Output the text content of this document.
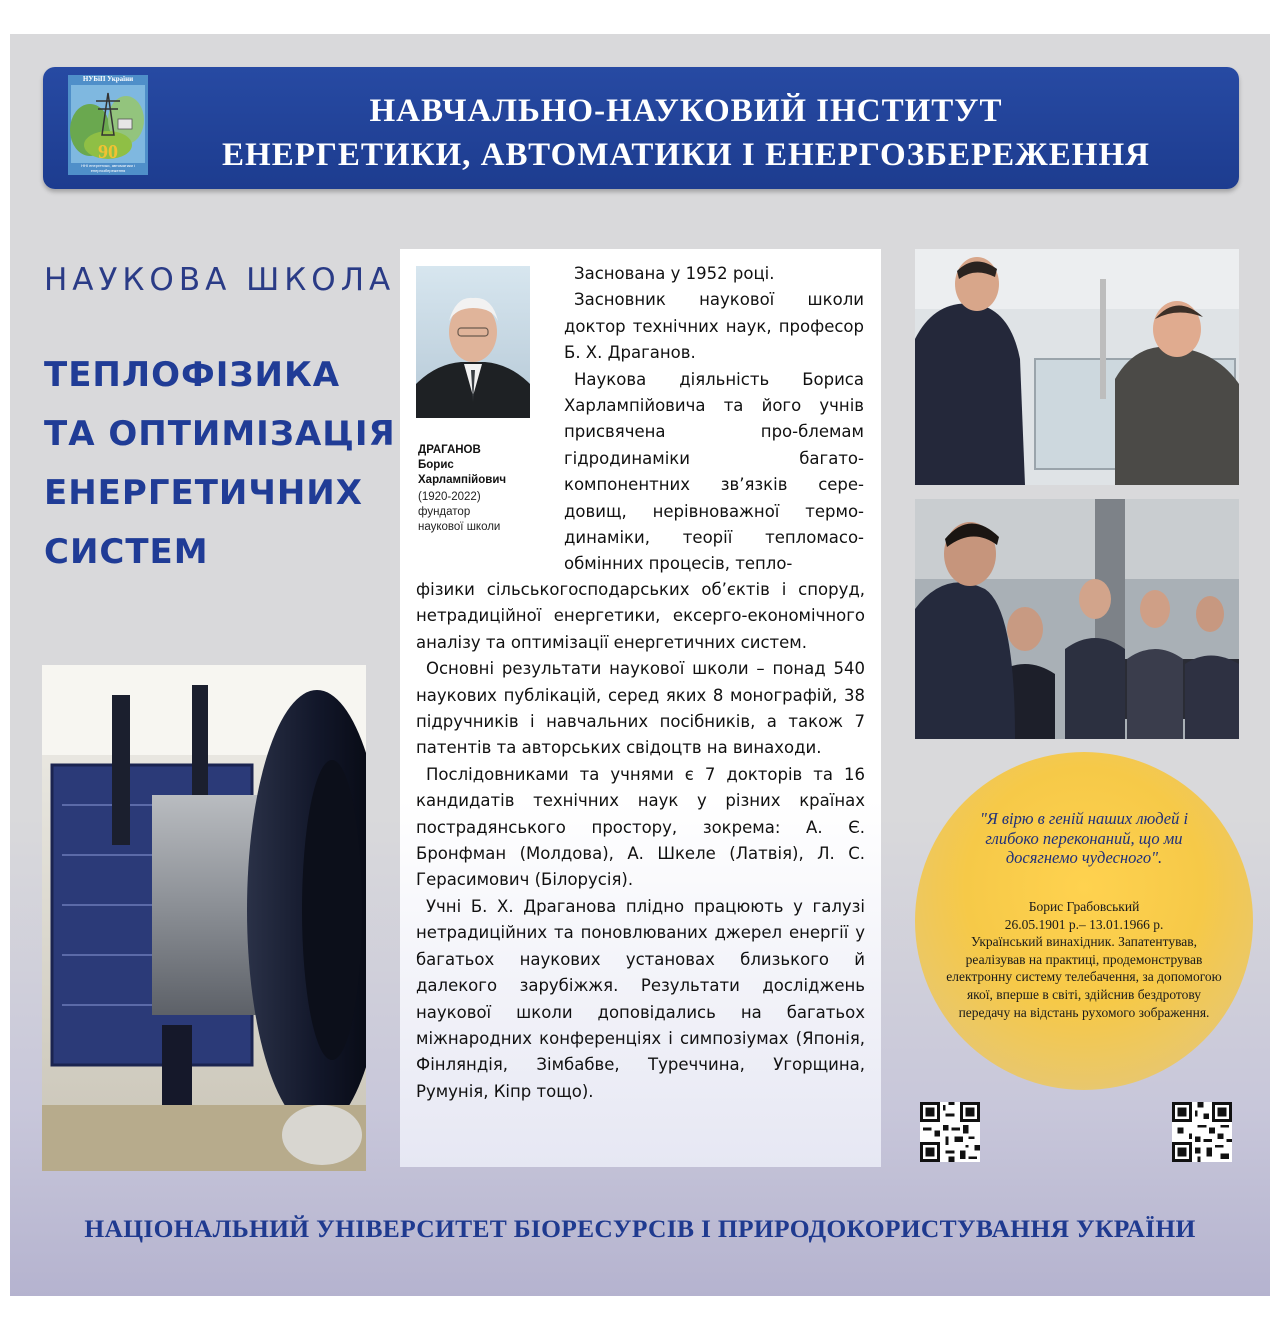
90
НУБіП України
ННІ енергетики, автоматики і енергозбереження
НАВЧАЛЬНО-НАУКОВИЙ ІНСТИТУТ
ЕНЕРГЕТИКИ, АВТОМАТИКИ І ЕНЕРГОЗБЕРЕЖЕННЯ
НАУКОВА ШКОЛА
ТЕПЛОФІЗИКА
ТА ОПТИМІЗАЦІЯ
ЕНЕРГЕТИЧНИХ
СИСТЕМ
ДРАГАНОВ
Борис
Харлампійович
(1920-2022)
фундатор
наукової школи
Заснована у 1952 році.
Засновник наукової школи доктор технічних наук, професор Б. Х. Драганов.
Наукова діяльність Бориса Харлампійовича та його учнів присвячена про-блемам гідродинаміки багато-компонентних зв’язків сере-довищ, нерівноважної термо-динаміки, теорії тепломасо-обмінних процесів, тепло-
фізики сільськогосподарських об’єктів і споруд, нетрадиційної енергетики, ексерго-економічного аналізу та оптимізації енергетичних систем.
Основні результати наукової школи – понад 540 наукових публікацій, серед яких 8 монографій, 38 підручників і навчальних посібників, а також 7 патентів та авторських свідоцтв на винаходи.
Послідовниками та учнями є 7 докторів та 16 кандидатів технічних наук у різних країнах пострадянського простору, зокрема: А. Є. Бронфман (Молдова), А. Шкеле (Латвія), Л. С. Герасимович (Білорусія).
Учні Б. Х. Драганова плідно працюють у галузі нетрадиційних та поновлюваних джерел енергії у багатьох наукових установах близького й далекого зарубіжжя. Результати досліджень наукової школи доповідались на багатьох міжнародних конференціях і симпозіумах (Японія, Фінляндія, Зімбабве, Туреччина, Угорщина, Румунія, Кіпр тощо).
"Я вірю в геній наших людей і глибоко переконаний, що ми досягнемо чудесного".
Борис Грабовський
26.05.1901 р.– 13.01.1966 р.
Український винахідник. Запатентував, реалізував на практиці, продемонстрував електронну систему телебачення, за допомогою якої, вперше в світі, здійснив бездротову передачу на відстань рухомого зображення.
НАЦІОНАЛЬНИЙ УНІВЕРСИТЕТ БІОРЕСУРСІВ І ПРИРОДОКОРИСТУВАННЯ УКРАЇНИ
